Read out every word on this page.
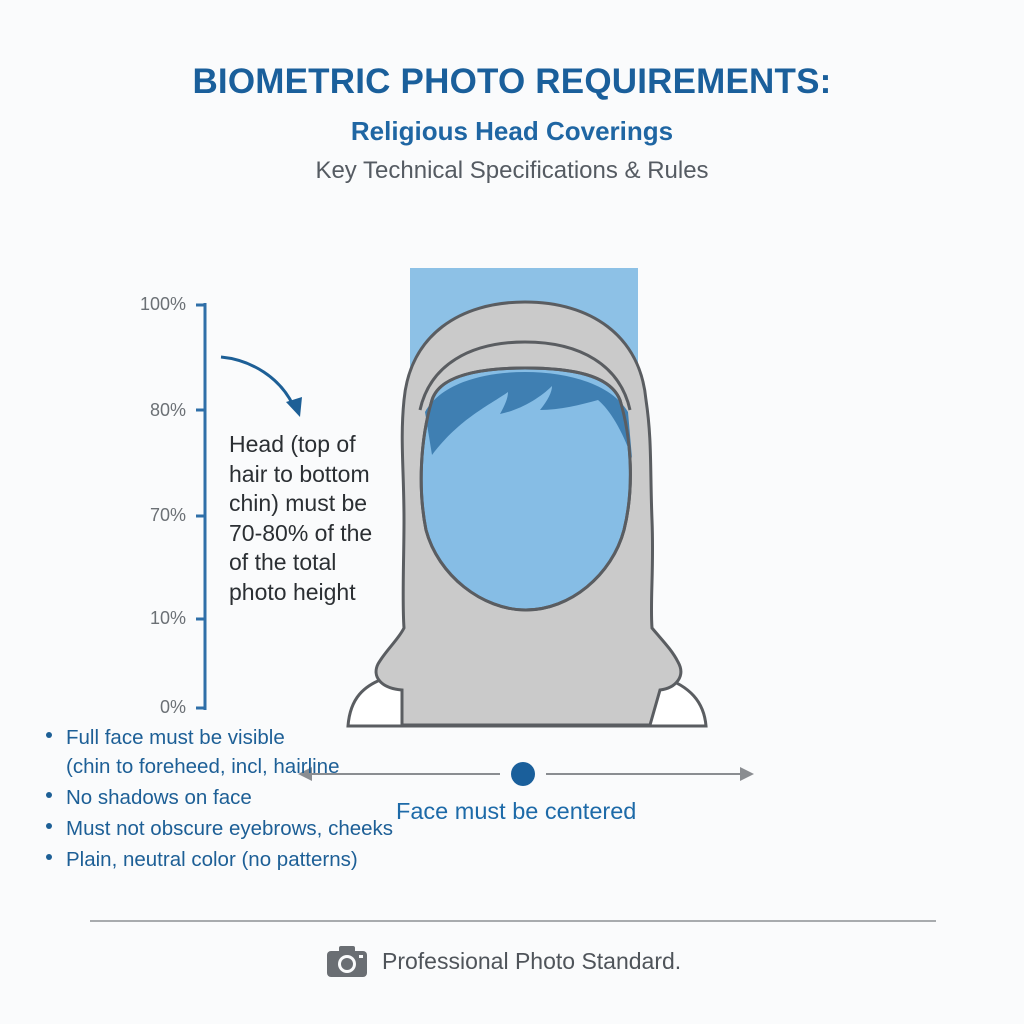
BIOMETRIC PHOTO REQUIREMENTS:
Religious Head Coverings
Key Technical Specifications & Rules
100%
80%
70%
10%
0%
Head (top of
hair to bottom
chin) must be
70-80% of the
of the total
photo height
Face must be centered
Full face must be visible
(chin to foreheed, incl, hairline
No shadows on face
Must not obscure eyebrows, cheeks
Plain, neutral color (no patterns)
Professional Photo Standard.
